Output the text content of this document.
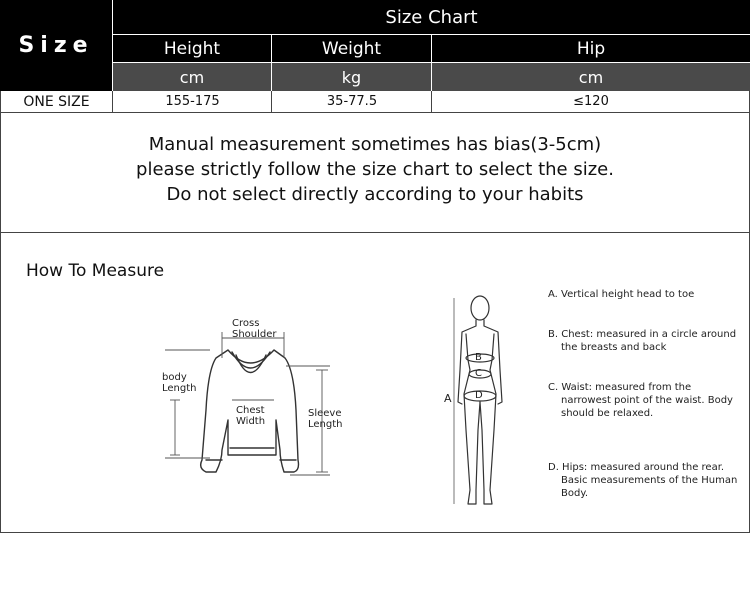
Size
Size Chart
Height	Weight	Hip
cm	kg	cm
ONE SIZE	155-175	35-77.5	≤120

Manual measurement sometimes has bias(3-5cm)

please strictly follow the size chart to select the size.

Do not select directly according to your habits

How To Measure
Cross
Shoulder
body
Length
Chest
Width
Sleeve
Length
A
B
C
D
A. Vertical height head to toe
B. Chest: measured in a circle around the breasts and back
C. Waist: measured from the narrowest point of the waist. Body should be relaxed.
D. Hips: measured around the rear. Basic measurements of the Human Body.
